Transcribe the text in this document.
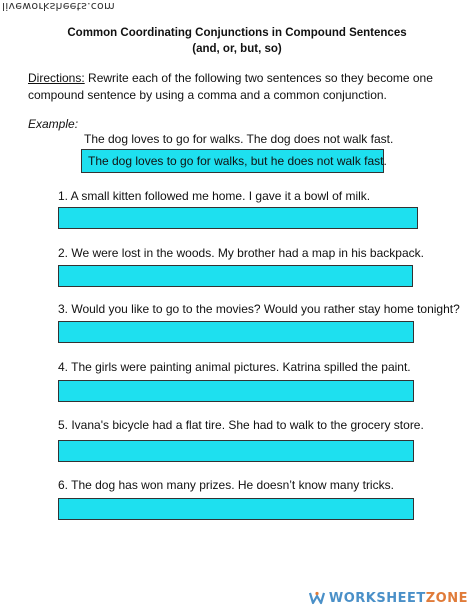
liveworksheets.com
Common Coordinating Conjunctions in Compound Sentences
(and, or, but, so)
Directions: Rewrite each of the following two sentences so they become one compound sentence by using a comma and a common conjunction.
Example:
The dog loves to go for walks. The dog does not walk fast.
The dog loves to go for walks, but he does not walk fast.
1. A small kitten followed me home. I gave it a bowl of milk.
2. We were lost in the woods. My brother had a map in his backpack.
3. Would you like to go to the movies? Would you rather stay home tonight?
4. The girls were painting animal pictures. Katrina spilled the paint.
5. Ivana's bicycle had a flat tire. She had to walk to the grocery store.
6. The dog has won many prizes. He doesn’t know many tricks.
WORKSHEET ZONE
